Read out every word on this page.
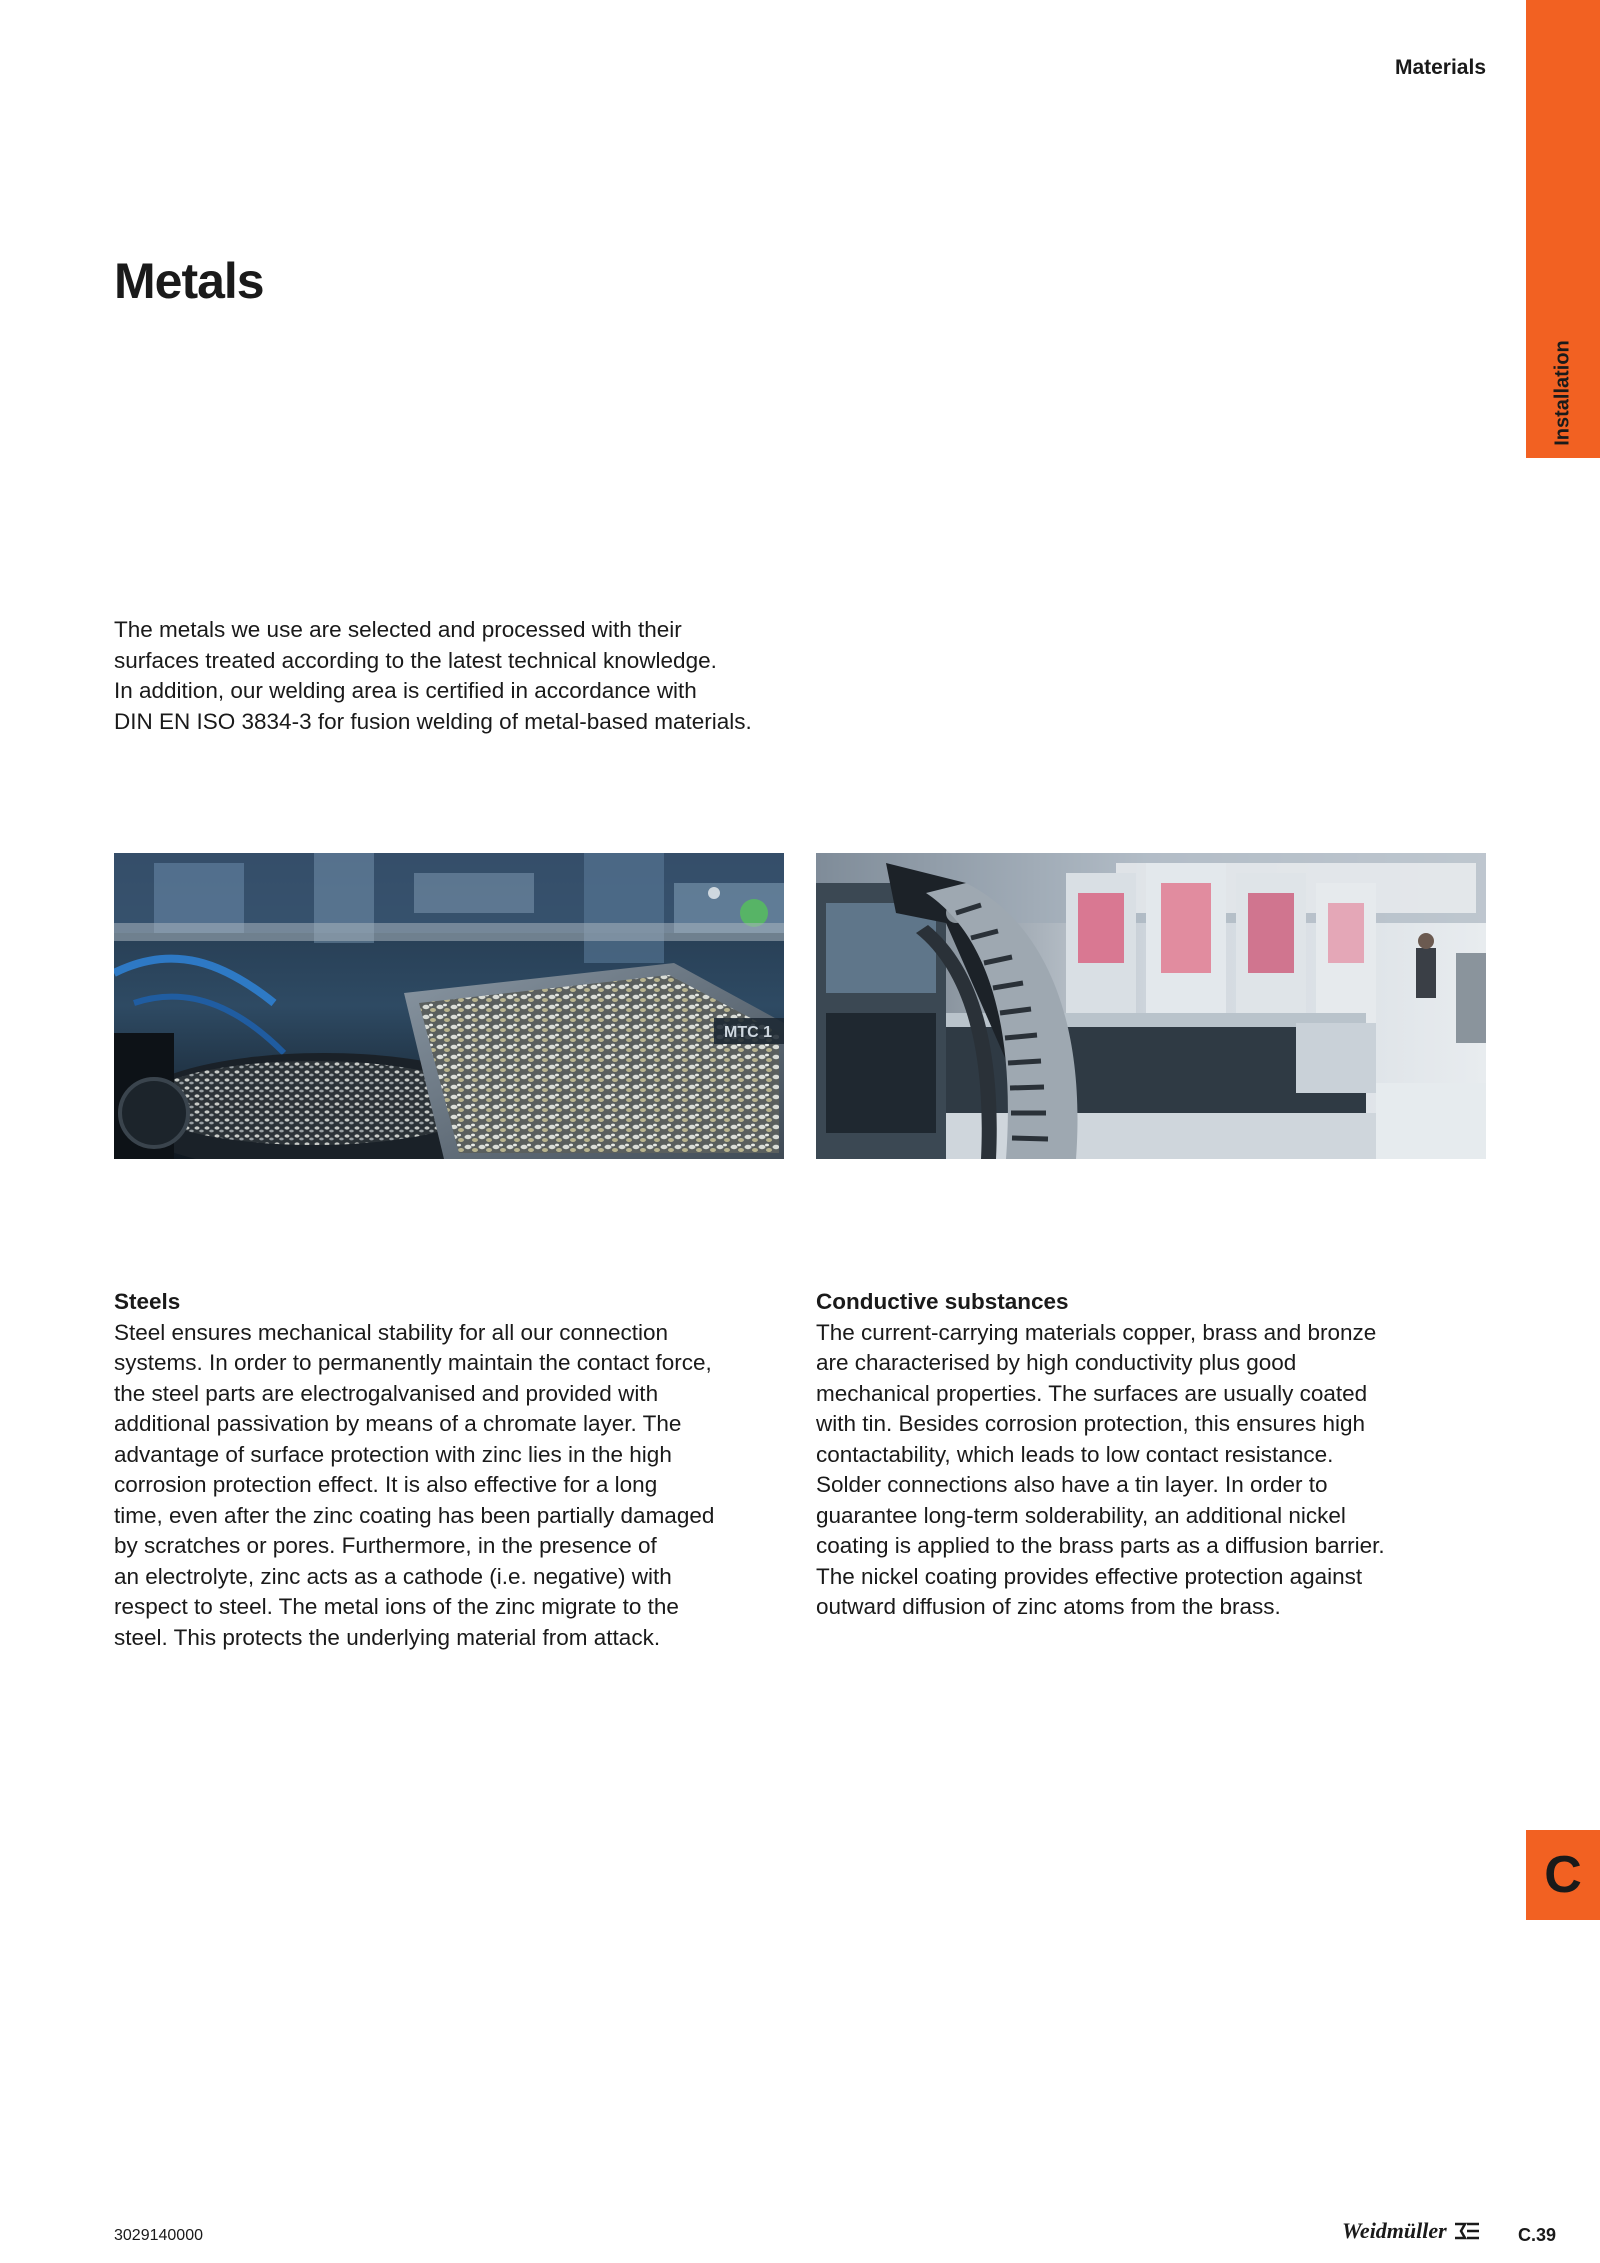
Installation
Materials
Metals

The metals we use are selected and processed with their
surfaces treated according to the latest technical knowledge.
In addition, our welding area is certified in accordance with
DIN EN ISO 3834-3 for fusion welding of metal-based materials.

MTC 1
Steels

Steel ensures mechanical stability for all our connection
systems. In order to permanently maintain the contact force,
the steel parts are electrogalvanised and provided with
additional passivation by means of a chromate layer. The
advantage of surface protection with zinc lies in the high
corrosion protection effect. It is also effective for a long
time, even after the zinc coating has been partially damaged
by scratches or pores. Furthermore, in the presence of
an electrolyte, zinc acts as a cathode (i.e. negative) with
respect to steel. The metal ions of the zinc migrate to the
steel. This protects the underlying material from attack.

Conductive substances

The current-carrying materials copper, brass and bronze
are characterised by high conductivity plus good
mechanical properties. The surfaces are usually coated
with tin. Besides corrosion protection, this ensures high
contactability, which leads to low contact resistance.
Solder connections also have a tin layer. In order to
guarantee long-term solderability, an additional nickel
coating is applied to the brass parts as a diffusion barrier.
The nickel coating provides effective protection against
outward diffusion of zinc atoms from the brass.

C
3029140000	Weidmüller	C.39
